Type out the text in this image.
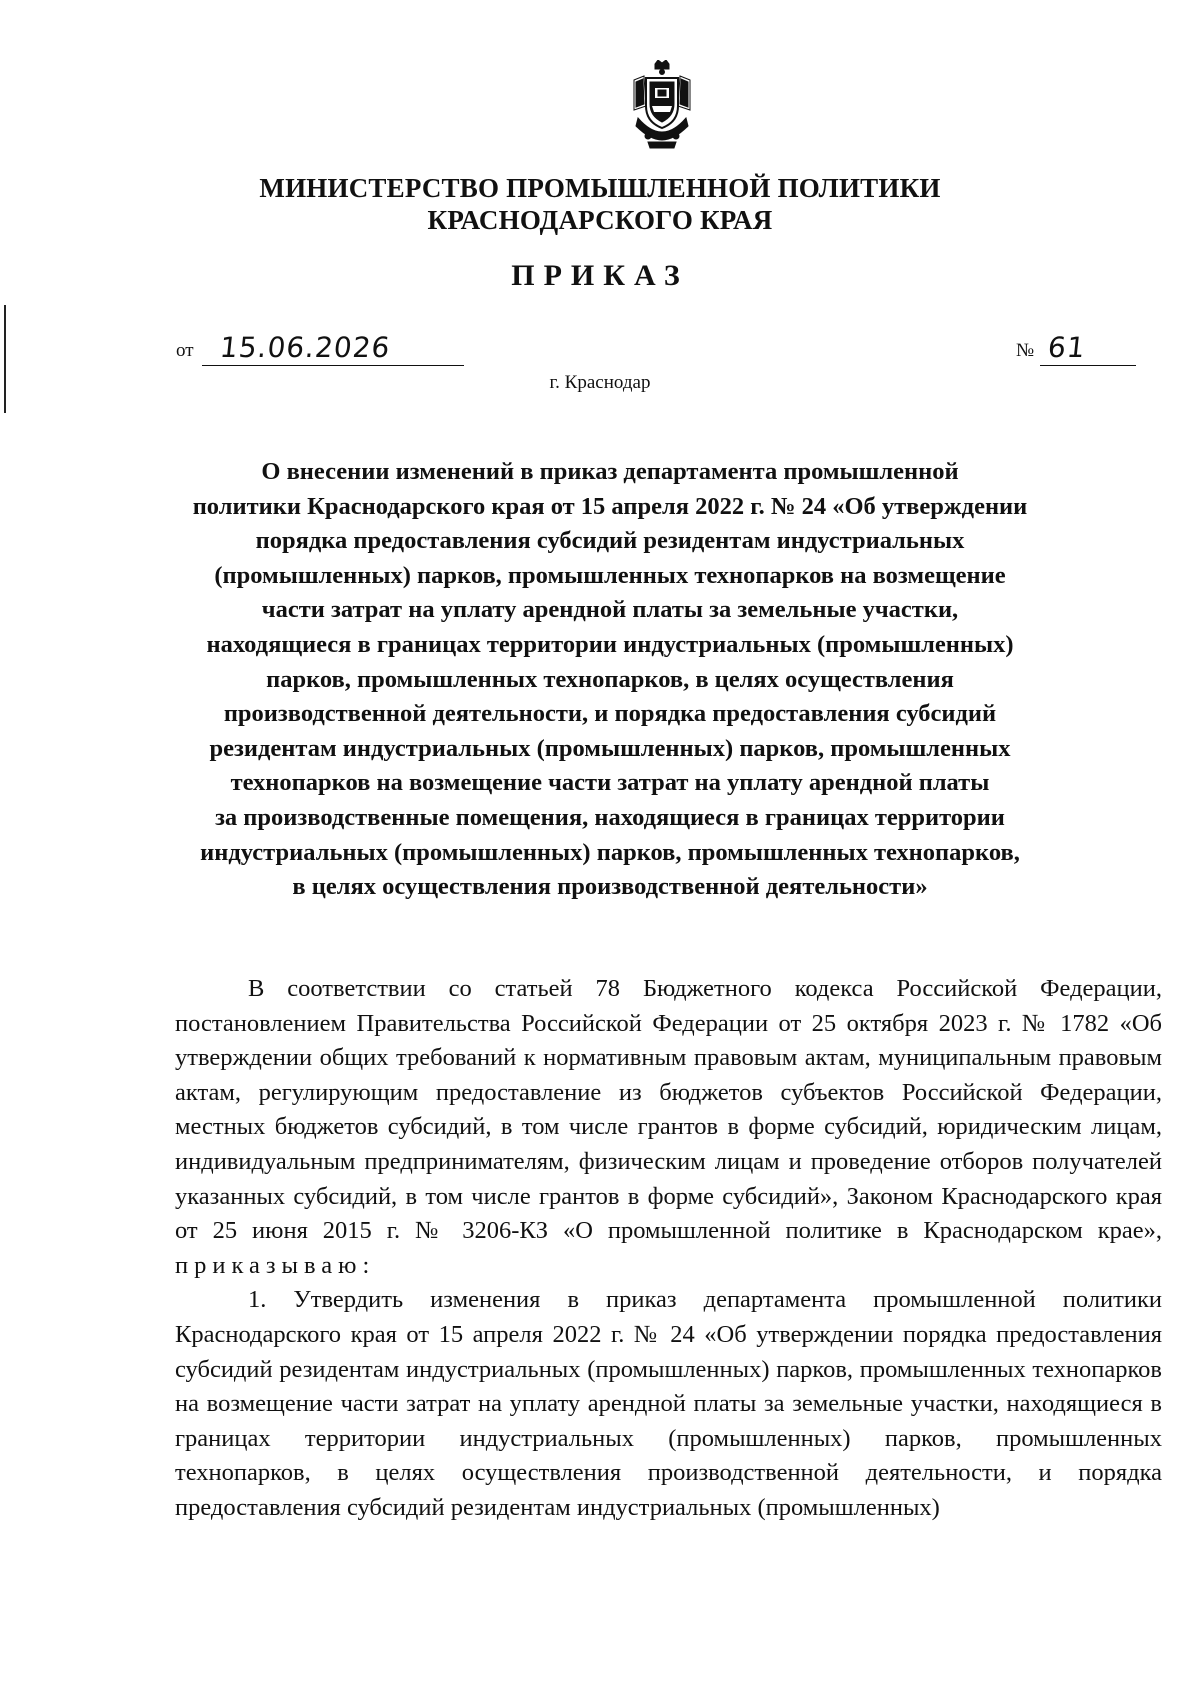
МИНИСТЕРСТВО ПРОМЫШЛЕННОЙ ПОЛИТИКИ
КРАСНОДАРСКОГО КРАЯ
ПРИКАЗ
от 15.06.2026	№ 61
г. Краснодар
О внесении изменений в приказ департамента промышленной
политики Краснодарского края от 15 апреля 2022 г. № 24 «Об утверждении
порядка предоставления субсидий резидентам индустриальных
(промышленных) парков, промышленных технопарков на возмещение
части затрат на уплату арендной платы за земельные участки,
находящиеся в границах территории индустриальных (промышленных)
парков, промышленных технопарков, в целях осуществления
производственной деятельности, и порядка предоставления субсидий
резидентам индустриальных (промышленных) парков, промышленных
технопарков на возмещение части затрат на уплату арендной платы
за производственные помещения, находящиеся в границах территории
индустриальных (промышленных) парков, промышленных технопарков,
в целях осуществления производственной деятельности»

В соответствии со статьей 78 Бюджетного кодекса Российской Федерации, постановлением Правительства Российской Федерации от 25 октября 2023 г. № 1782 «Об утверждении общих требований к нормативным правовым актам, муниципальным правовым актам, регулирующим предоставление из бюджетов субъектов Российской Федерации, местных бюджетов субсидий, в том числе грантов в форме субсидий, юридическим лицам, индивидуальным предпринимателям, физическим лицам и проведение отборов получателей указанных субсидий, в том числе грантов в форме субсидий», Законом Краснодарского края от 25 июня 2015 г. № 3206-КЗ «О промышленной политике в Краснодарском крае», приказываю:

1. Утвердить изменения в приказ департамента промышленной политики Краснодарского края от 15 апреля 2022 г. № 24 «Об утверждении порядка предоставления субсидий резидентам индустриальных (промышленных) парков, промышленных технопарков на возмещение части затрат на уплату арендной платы за земельные участки, находящиеся в границах территории индустриальных (промышленных) парков, промышленных технопарков, в целях осуществления производственной деятельности, и порядка предоставления субсидий резидентам индустриальных (промышленных)
